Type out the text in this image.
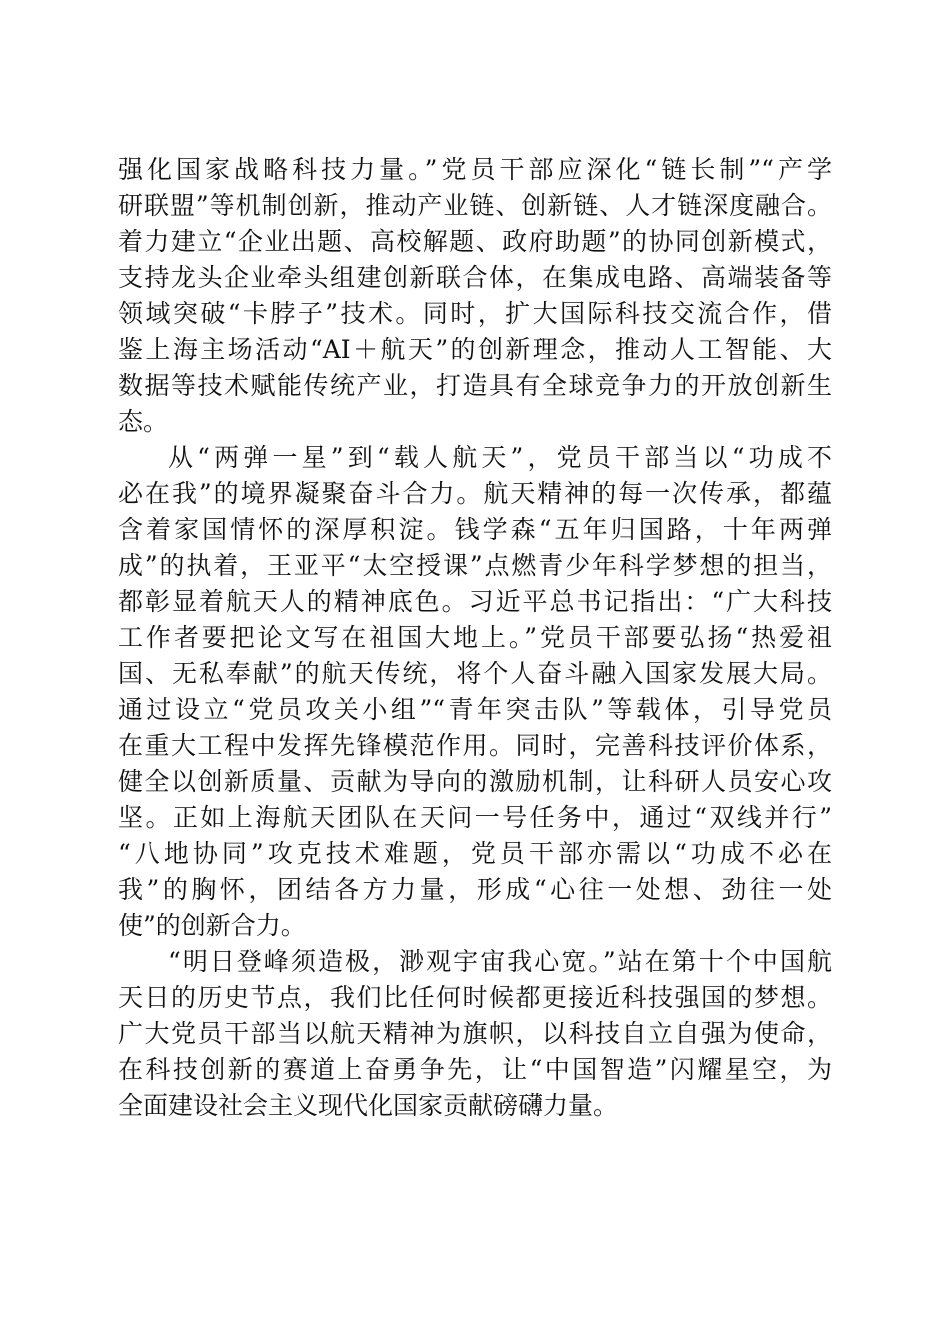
强化国家战略科技力量。”党员干部应深化“链长制”“产学
研联盟”等机制创新，推动产业链、创新链、人才链深度融合。
着力建立“企业出题、高校解题、政府助题”的协同创新模式，
支持龙头企业牵头组建创新联合体，在集成电路、高端装备等
领域突破“卡脖子”技术。同时，扩大国际科技交流合作，借
鉴上海主场活动“AI＋航天”的创新理念，推动人工智能、大
数据等技术赋能传统产业，打造具有全球竞争力的开放创新生
态。
从“两弹一星”到“载人航天”，党员干部当以“功成不
必在我”的境界凝聚奋斗合力。航天精神的每一次传承，都蕴
含着家国情怀的深厚积淀。钱学森“五年归国路，十年两弹
成”的执着，王亚平“太空授课”点燃青少年科学梦想的担当，
都彰显着航天人的精神底色。习近平总书记指出：“广大科技
工作者要把论文写在祖国大地上。”党员干部要弘扬“热爱祖
国、无私奉献”的航天传统，将个人奋斗融入国家发展大局。
通过设立“党员攻关小组”“青年突击队”等载体，引导党员
在重大工程中发挥先锋模范作用。同时，完善科技评价体系，
健全以创新质量、贡献为导向的激励机制，让科研人员安心攻
坚。正如上海航天团队在天问一号任务中，通过“双线并行”
“八地协同”攻克技术难题，党员干部亦需以“功成不必在
我”的胸怀，团结各方力量，形成“心往一处想、劲往一处
使”的创新合力。
“明日登峰须造极，渺观宇宙我心宽。”站在第十个中国航
天日的历史节点，我们比任何时候都更接近科技强国的梦想。
广大党员干部当以航天精神为旗帜，以科技自立自强为使命，
在科技创新的赛道上奋勇争先，让“中国智造”闪耀星空，为
全面建设社会主义现代化国家贡献磅礴力量。
